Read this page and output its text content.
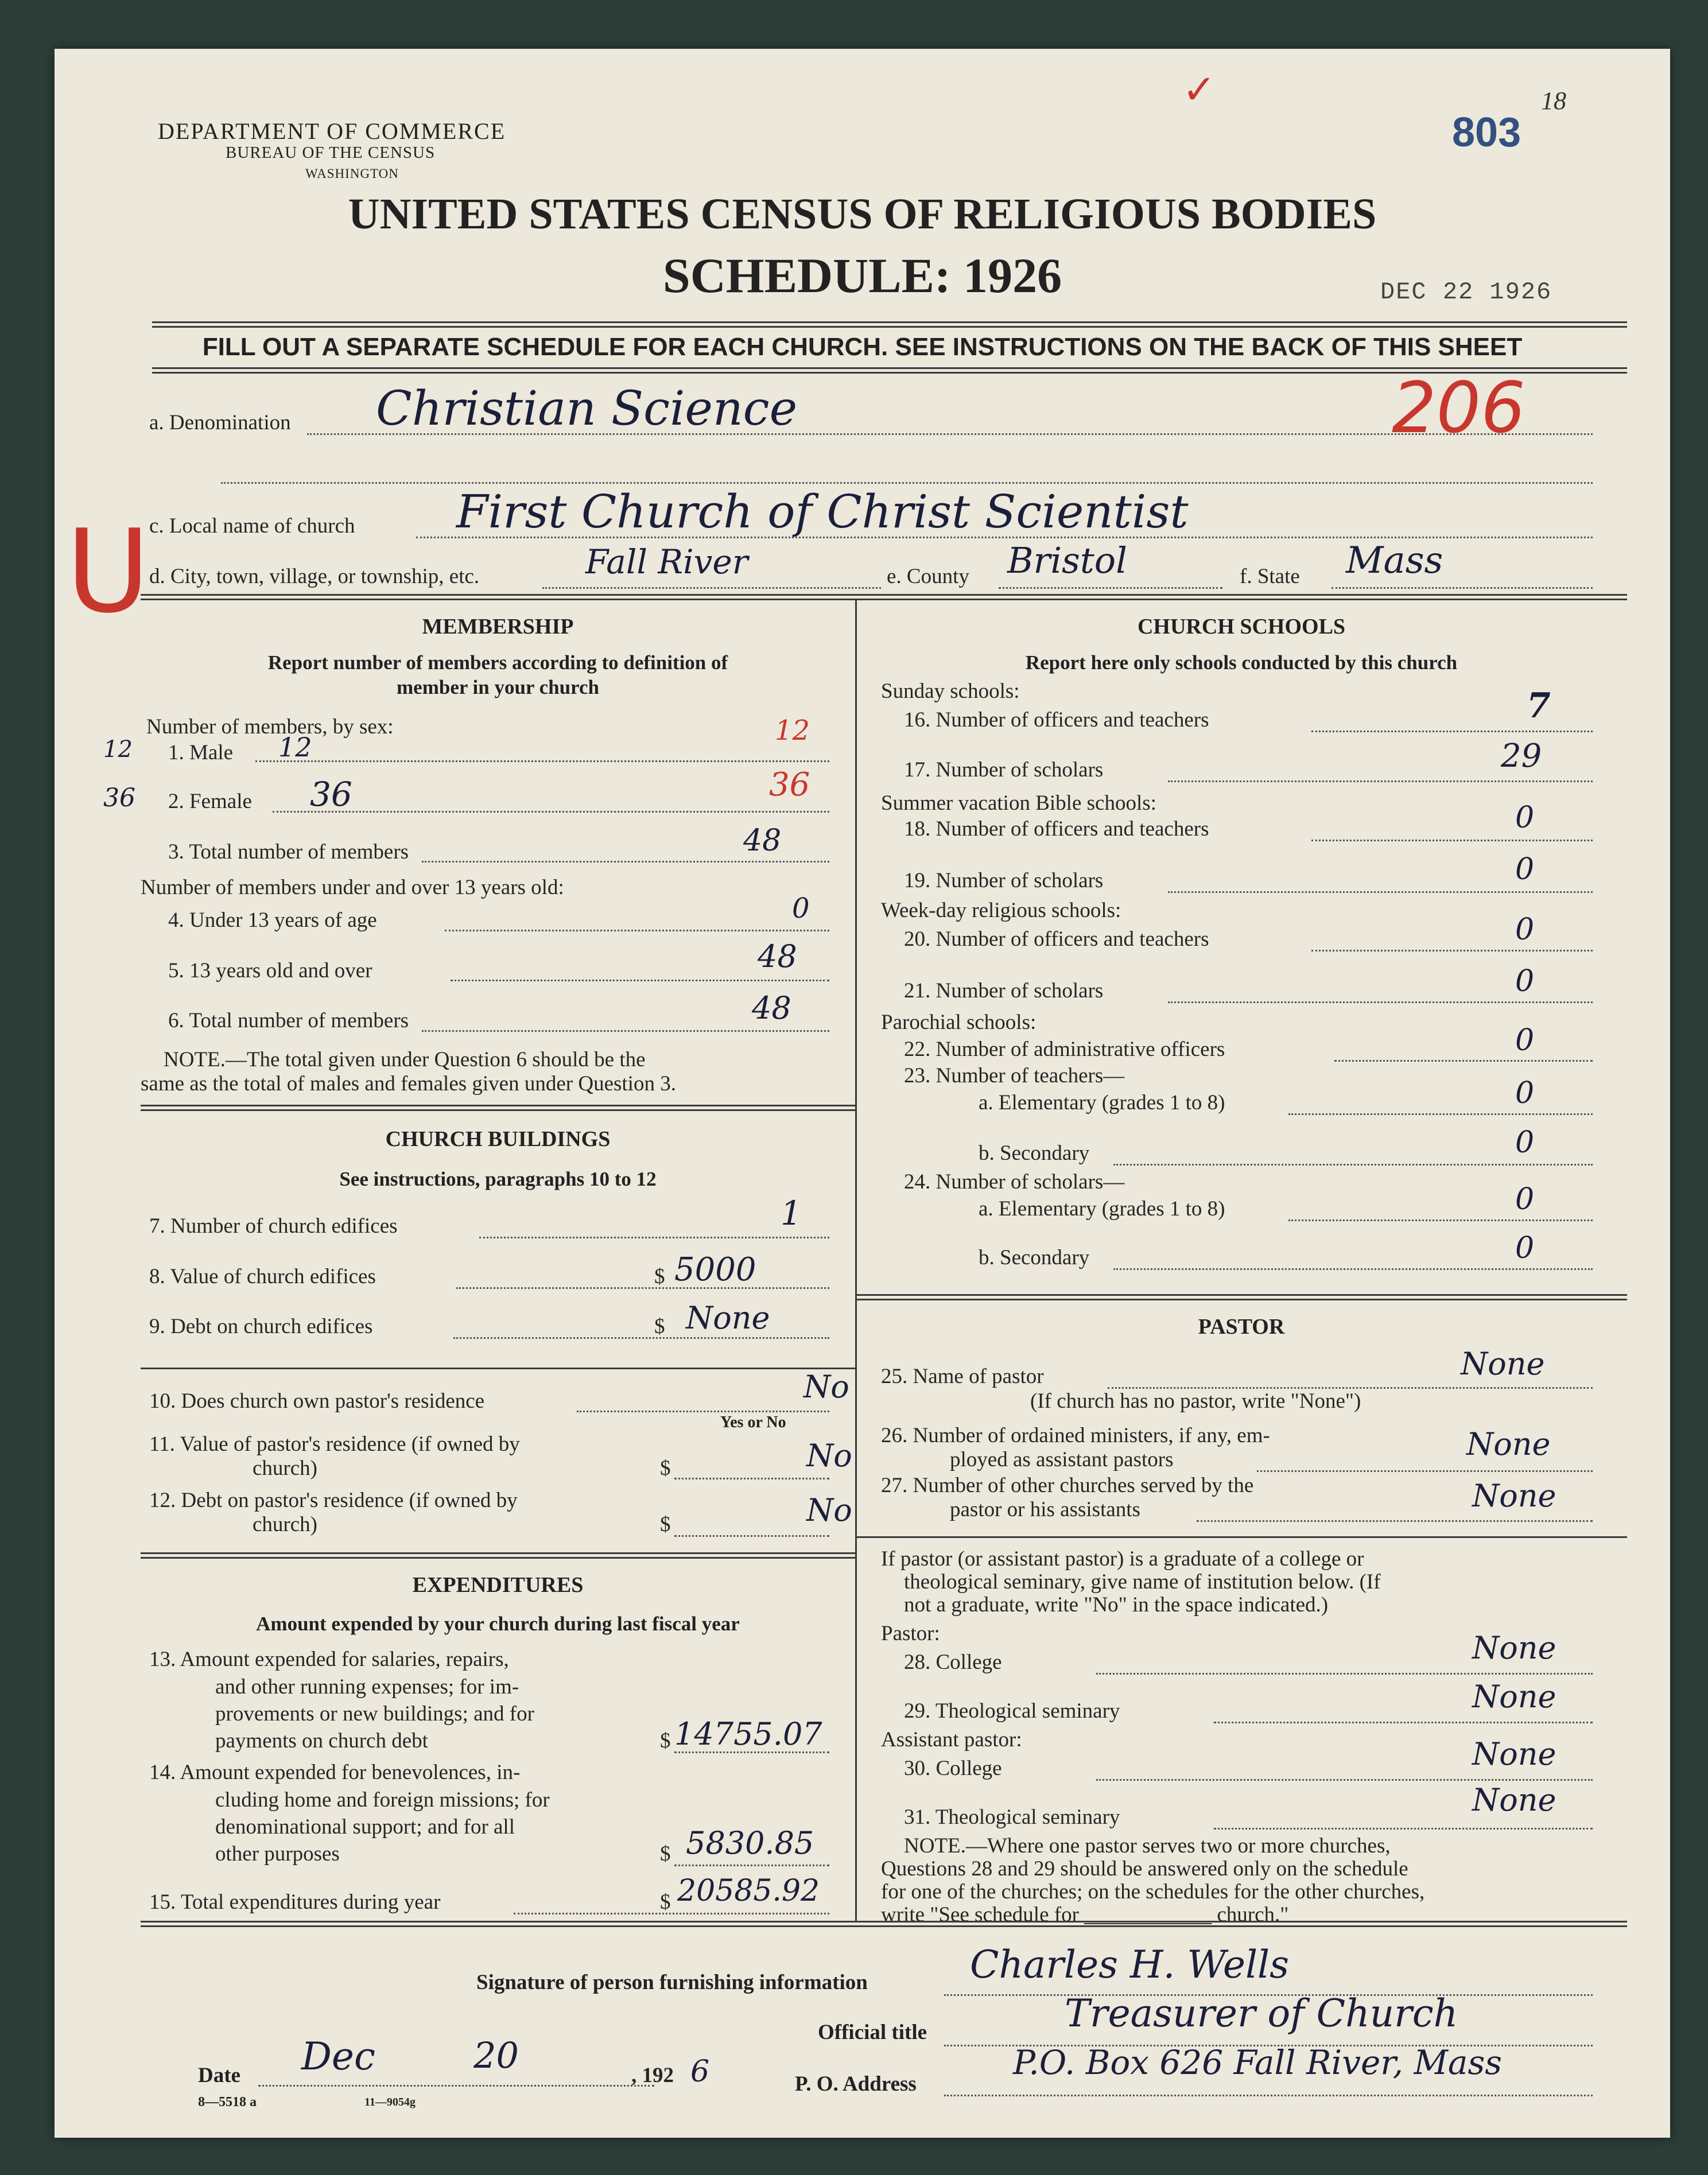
DEPARTMENT OF COMMERCE
BUREAU OF THE CENSUS
WASHINGTON
803
18
✓
UNITED STATES CENSUS OF RELIGIOUS BODIES
SCHEDULE: 1926	DEC 22 1926
FILL OUT A SEPARATE SCHEDULE FOR EACH CHURCH. SEE INSTRUCTIONS ON THE BACK OF THIS SHEET
a. Denomination Christian Science	206
U
c. Local name of church First Church of Christ Scientist
d. City, town, village, or township, etc.	Fall River	e. County Bristol	f. State Mass
MEMBERSHIP
Report number of members according to definition of
member in your church
Number of members, by sex:
12 1. Male 12
12
36 2. Female 36	36
3. Total number of members	48
Number of members under and over 13 years old:
4. Under 13 years of age	0
5. 13 years old and over	48
6. Total number of members	48
NOTE.—The total given under Question 6 should be the
same as the total of males and females given under Question 3.
CHURCH BUILDINGS
See instructions, paragraphs 10 to 12
7. Number of church edifices	1
8. Value of church edifices	$ 5000
9. Debt on church edifices	$ None
10. Does church own pastor's residence	No
Yes or No
11. Value of pastor's residence (if owned by
church)	$	No
12. Debt on pastor's residence (if owned by
church)	$	No
EXPENDITURES
Amount expended by your church during last fiscal year
13. Amount expended for salaries, repairs,
and other running expenses; for im-
provements or new buildings; and for
payments on church debt	$ 14755.07
14. Amount expended for benevolences, in-
cluding home and foreign missions; for
denominational support; and for all
other purposes	$ 5830.85
15. Total expenditures during year	$ 20585.92
CHURCH SCHOOLS
Report here only schools conducted by this church
Sunday schools:
16. Number of officers and teachers	7
17. Number of scholars	29
Summer vacation Bible schools:
18. Number of officers and teachers	0
19. Number of scholars	0
Week-day religious schools:
20. Number of officers and teachers	0
21. Number of scholars	0
Parochial schools:
22. Number of administrative officers	0
23. Number of teachers—
a. Elementary (grades 1 to 8)	0
b. Secondary	0
24. Number of scholars—
a. Elementary (grades 1 to 8)	0
b. Secondary	0
PASTOR
25. Name of pastor	None
(If church has no pastor, write "None")
26. Number of ordained ministers, if any, em-
ployed as assistant pastors	None
27. Number of other churches served by the
pastor or his assistants	None
If pastor (or assistant pastor) is a graduate of a college or
theological seminary, give name of institution below. (If
not a graduate, write "No" in the space indicated.)
Pastor:
28. College	None
29. Theological seminary	None
Assistant pastor:
30. College	None
31. Theological seminary	None
NOTE.—Where one pastor serves two or more churches,
Questions 28 and 29 should be answered only on the schedule
for one of the churches; on the schedules for the other churches,
write "See schedule for ____________ church."
Signature of person furnishing information	Charles H. Wells
Official title	Treasurer of Church
Date Dec	20	, 192 6	P. O. Address
P.O. Box 626 Fall River, Mass
8—5518 a	11—9054g
